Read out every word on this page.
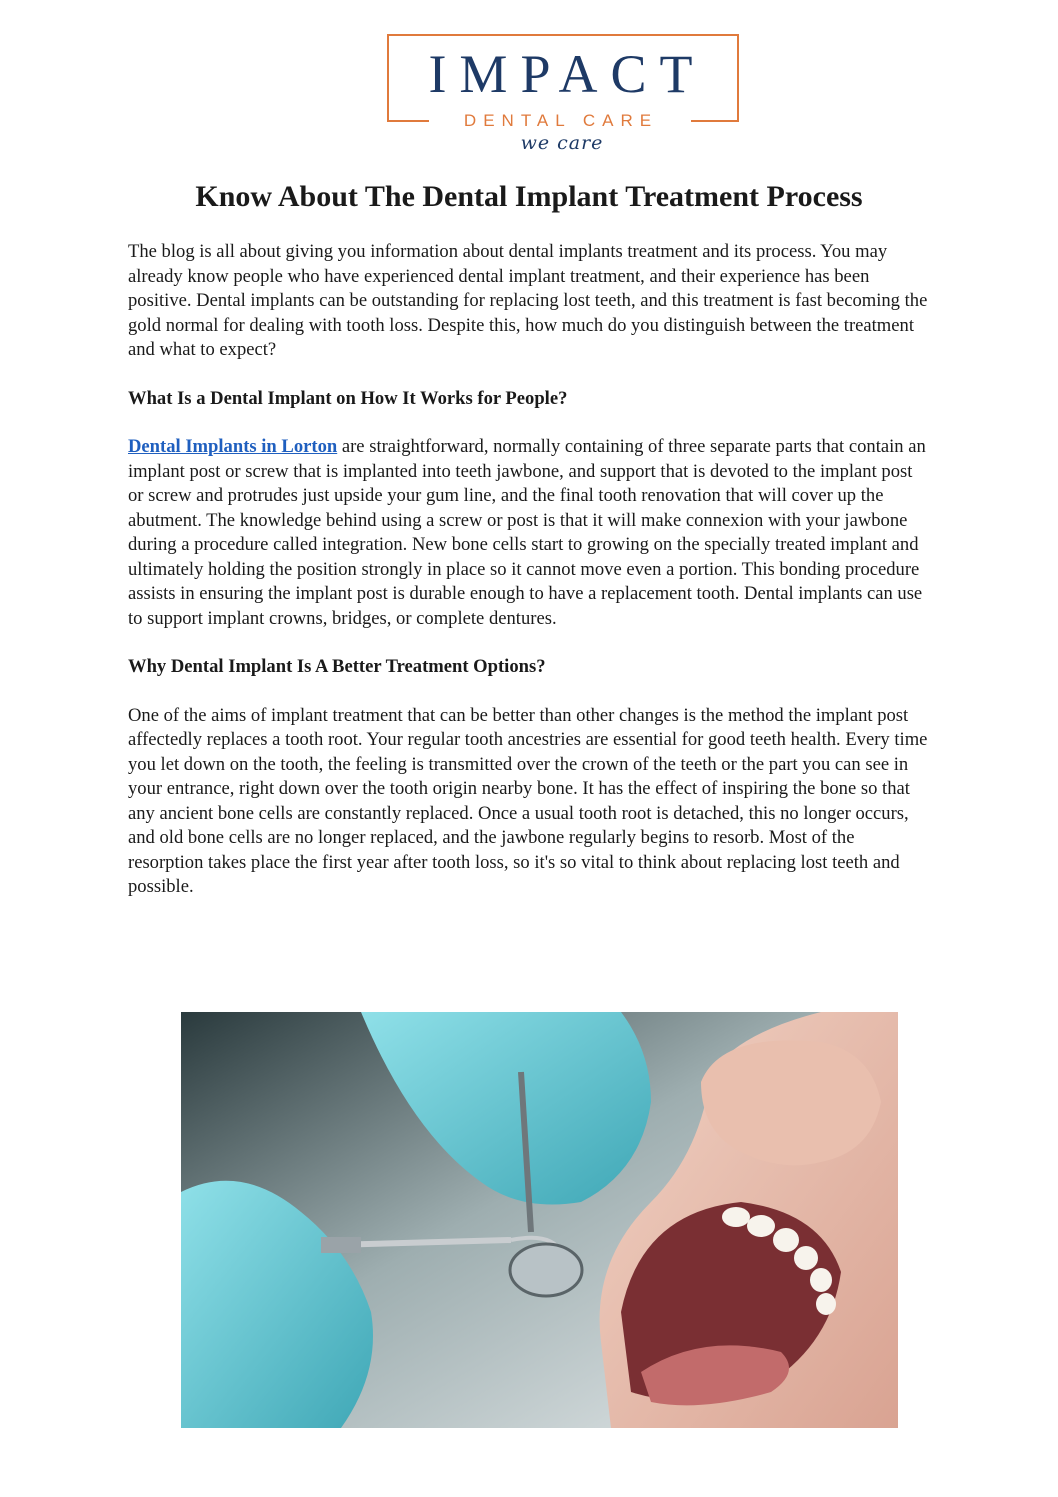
IMPACT
DENTAL CARE
we care
Know About The Dental Implant Treatment Process

The blog is all about giving you information about dental implants treatment and its process. You may already know people who have experienced dental implant treatment, and their experience has been positive. Dental implants can be outstanding for replacing lost teeth, and this treatment is fast becoming the gold normal for dealing with tooth loss. Despite this, how much do you distinguish between the treatment and what to expect?

What Is a Dental Implant on How It Works for People?

Dental Implants in Lorton are straightforward, normally containing of three separate parts that contain an implant post or screw that is implanted into teeth jawbone, and support that is devoted to the implant post or screw and protrudes just upside your gum line, and the final tooth renovation that will cover up the abutment. The knowledge behind using a screw or post is that it will make connexion with your jawbone during a procedure called integration. New bone cells start to growing on the specially treated implant and ultimately holding the position strongly in place so it cannot move even a portion. This bonding procedure assists in ensuring the implant post is durable enough to have a replacement tooth. Dental implants can use to support implant crowns, bridges, or complete dentures.

Why Dental Implant Is A Better Treatment Options?

One of the aims of implant treatment that can be better than other changes is the method the implant post affectedly replaces a tooth root. Your regular tooth ancestries are essential for good teeth health. Every time you let down on the tooth, the feeling is transmitted over the crown of the teeth or the part you can see in your entrance, right down over the tooth origin nearby bone. It has the effect of inspiring the bone so that any ancient bone cells are constantly replaced. Once a usual tooth root is detached, this no longer occurs, and old bone cells are no longer replaced, and the jawbone regularly begins to resorb. Most of the resorption takes place the first year after tooth loss, so it's so vital to think about replacing lost teeth and possible.
